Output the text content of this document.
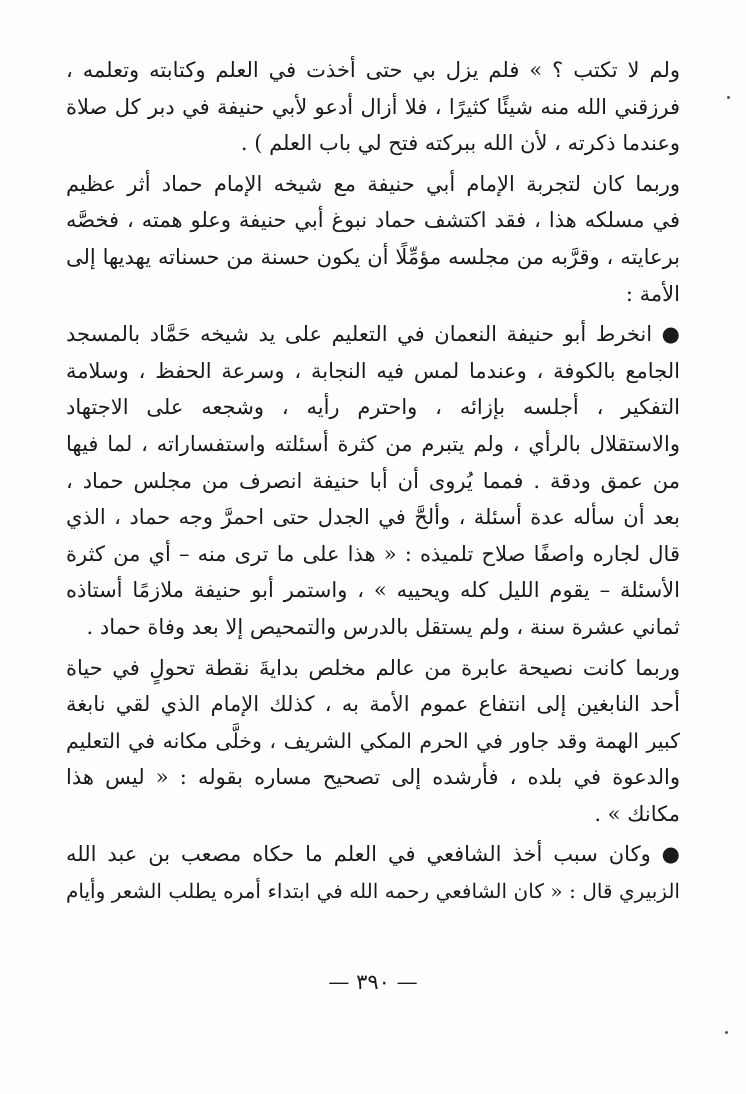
ولم لا تكتب ؟ » فلم يزل بي حتى أخذت في العلم وكتابته وتعلمه ،
فرزقني الله منه شيئًا كثيرًا ، فلا أزال أدعو لأبي حنيفة في دبر كل صلاة
وعندما ذكرته ، لأن الله ببركته فتح لي باب العلم ) .
وربما كان لتجربة الإمام أبي حنيفة مع شيخه الإمام حماد أثر عظيم
في مسلكه هذا ، فقد اكتشف حماد نبوغ أبي حنيفة وعلو همته ، فخصَّه
برعايته ، وقرَّبه من مجلسه مؤمِّلًا أن يكون حسنة من حسناته يهديها إلى
الأمة :
● انخرط أبو حنيفة النعمان في التعليم على يد شيخه حَمَّاد بالمسجد
الجامع بالكوفة ، وعندما لمس فيه النجابة ، وسرعة الحفظ ، وسلامة
التفكير ، أجلسه بإزائه ، واحترم رأيه ، وشجعه على الاجتهاد
والاستقلال بالرأي ، ولم يتبرم من كثرة أسئلته واستفساراته ، لما فيها
من عمق ودقة . فمما يُروى أن أبا حنيفة انصرف من مجلس حماد ،
بعد أن سأله عدة أسئلة ، وألحَّ في الجدل حتى احمرَّ وجه حماد ، الذي
قال لجاره واصفًا صلاح تلميذه : « هذا على ما ترى منه – أي من كثرة
الأسئلة – يقوم الليل كله ويحييه » ، واستمر أبو حنيفة ملازمًا أستاذه
ثماني عشرة سنة ، ولم يستقل بالدرس والتمحيص إلا بعد وفاة حماد .
وربما كانت نصيحة عابرة من عالم مخلص بدايةَ نقطة تحولٍ في حياة
أحد النابغين إلى انتفاع عموم الأمة به ، كذلك الإمام الذي لقي نابغة
كبير الهمة وقد جاور في الحرم المكي الشريف ، وخلَّى مكانه في التعليم
والدعوة في بلده ، فأرشده إلى تصحيح مساره بقوله : « ليس هذا
مكانك » .
● وكان سبب أخذ الشافعي في العلم ما حكاه مصعب بن عبد الله
الزبيري قال : « كان الشافعي رحمه الله في ابتداء أمره يطلب الشعر وأيام
— ٣٩٠ —
